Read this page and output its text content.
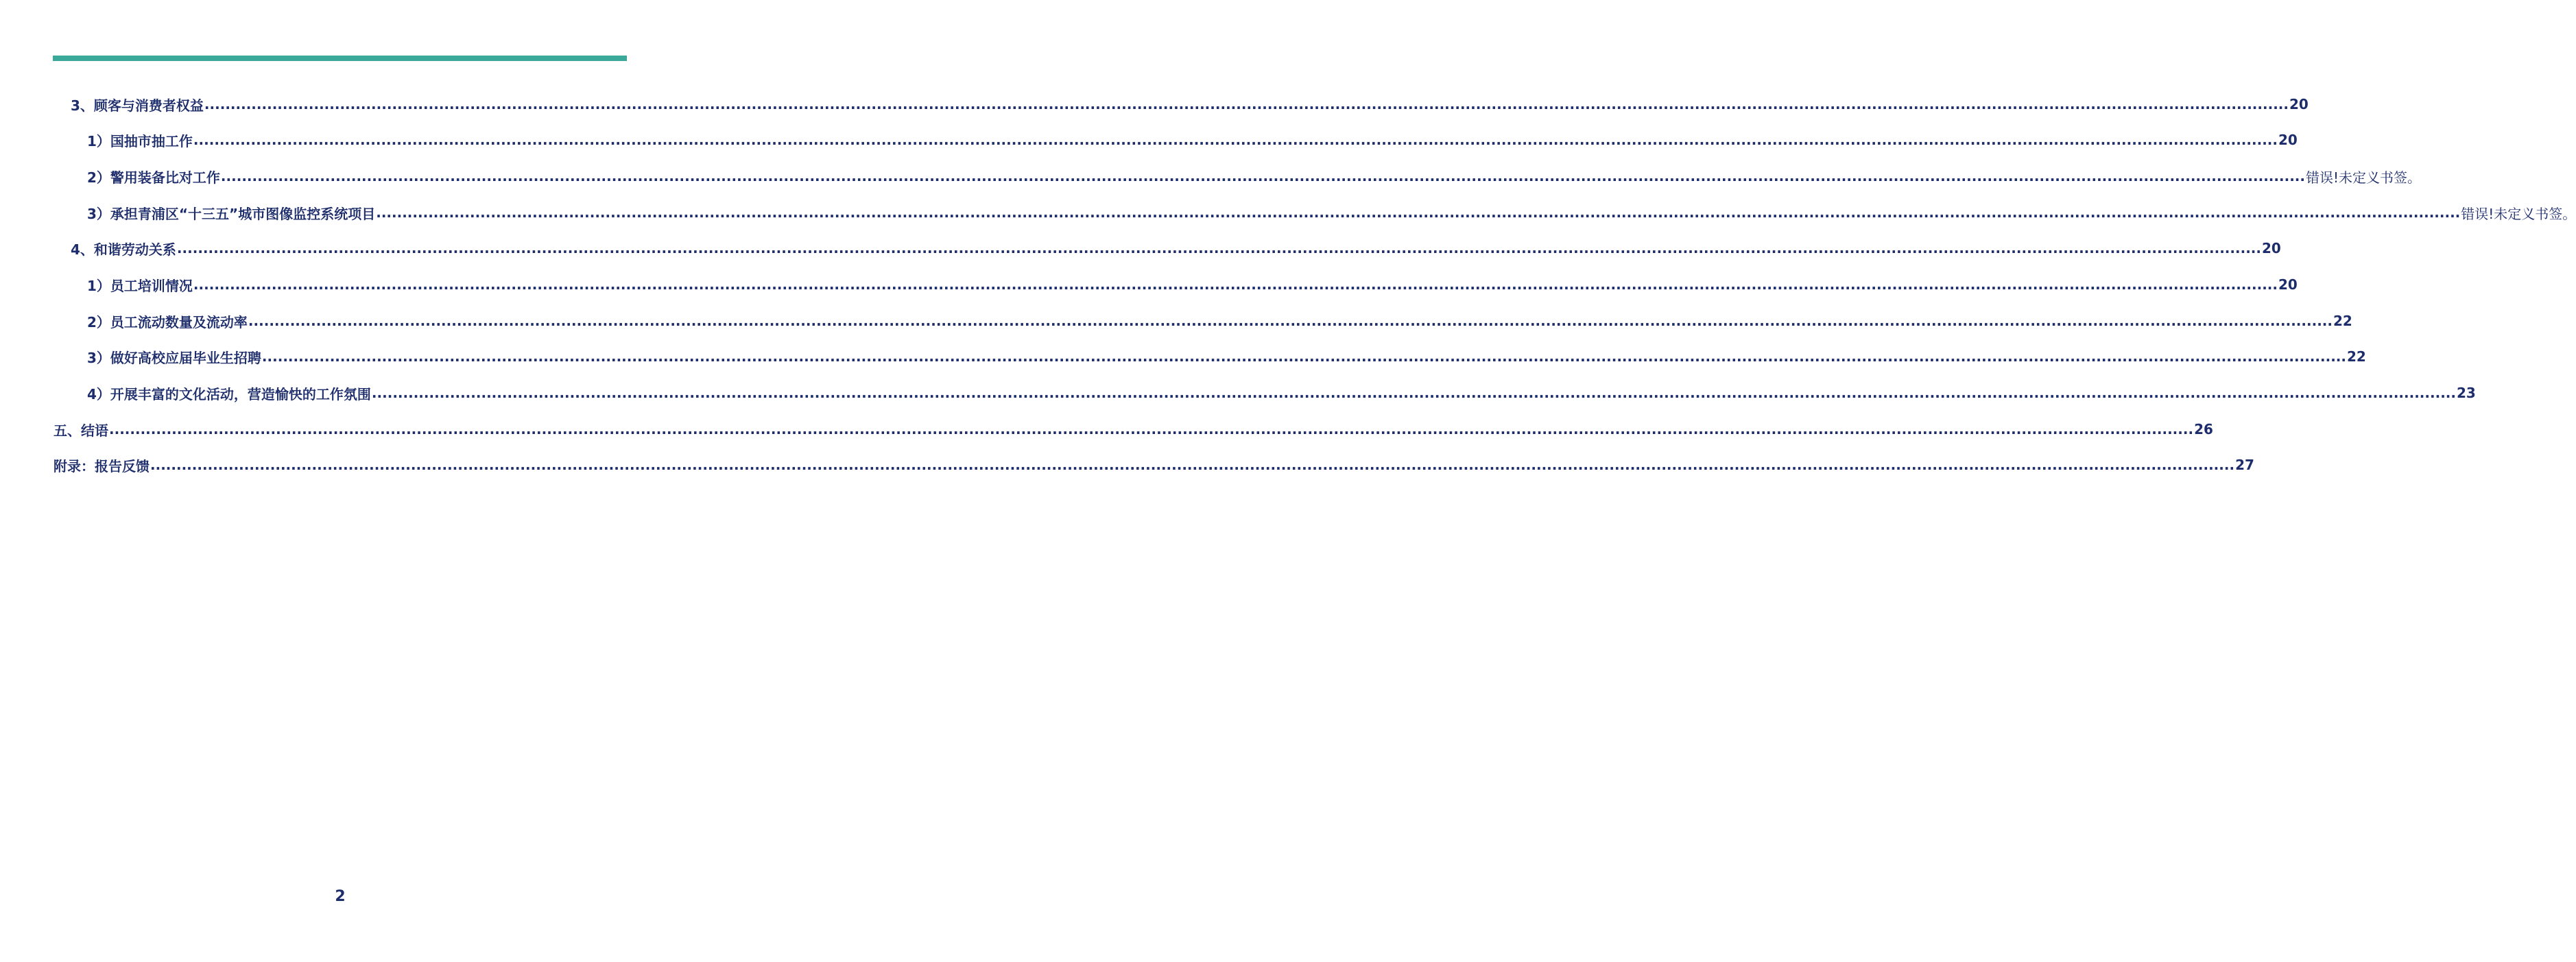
3、顾客与消费者权益 ................................................................................................................................................................................................................................................................................................................................................................................................................ 20
1）国抽市抽工作 ................................................................................................................................................................................................................................................................................................................................................................................................................ 20
2）警用装备比对工作 ................................................................................................................................................................................................................................................................................................................................................................................................................ 错误!未定义书签。
3）承担青浦区“十三五”城市图像监控系统项目 ................................................................................................................................................................................................................................................................................................................................................................................................................ 错误!未定义书签。
4、和谐劳动关系 ................................................................................................................................................................................................................................................................................................................................................................................................................ 20
1）员工培训情况 ................................................................................................................................................................................................................................................................................................................................................................................................................ 20
2）员工流动数量及流动率 ................................................................................................................................................................................................................................................................................................................................................................................................................ 22
3）做好高校应届毕业生招聘 ................................................................................................................................................................................................................................................................................................................................................................................................................ 22
4）开展丰富的文化活动，营造愉快的工作氛围 ................................................................................................................................................................................................................................................................................................................................................................................................................ 23
五、结语 ................................................................................................................................................................................................................................................................................................................................................................................................................ 26
附录：报告反馈 ................................................................................................................................................................................................................................................................................................................................................................................................................ 27
2
